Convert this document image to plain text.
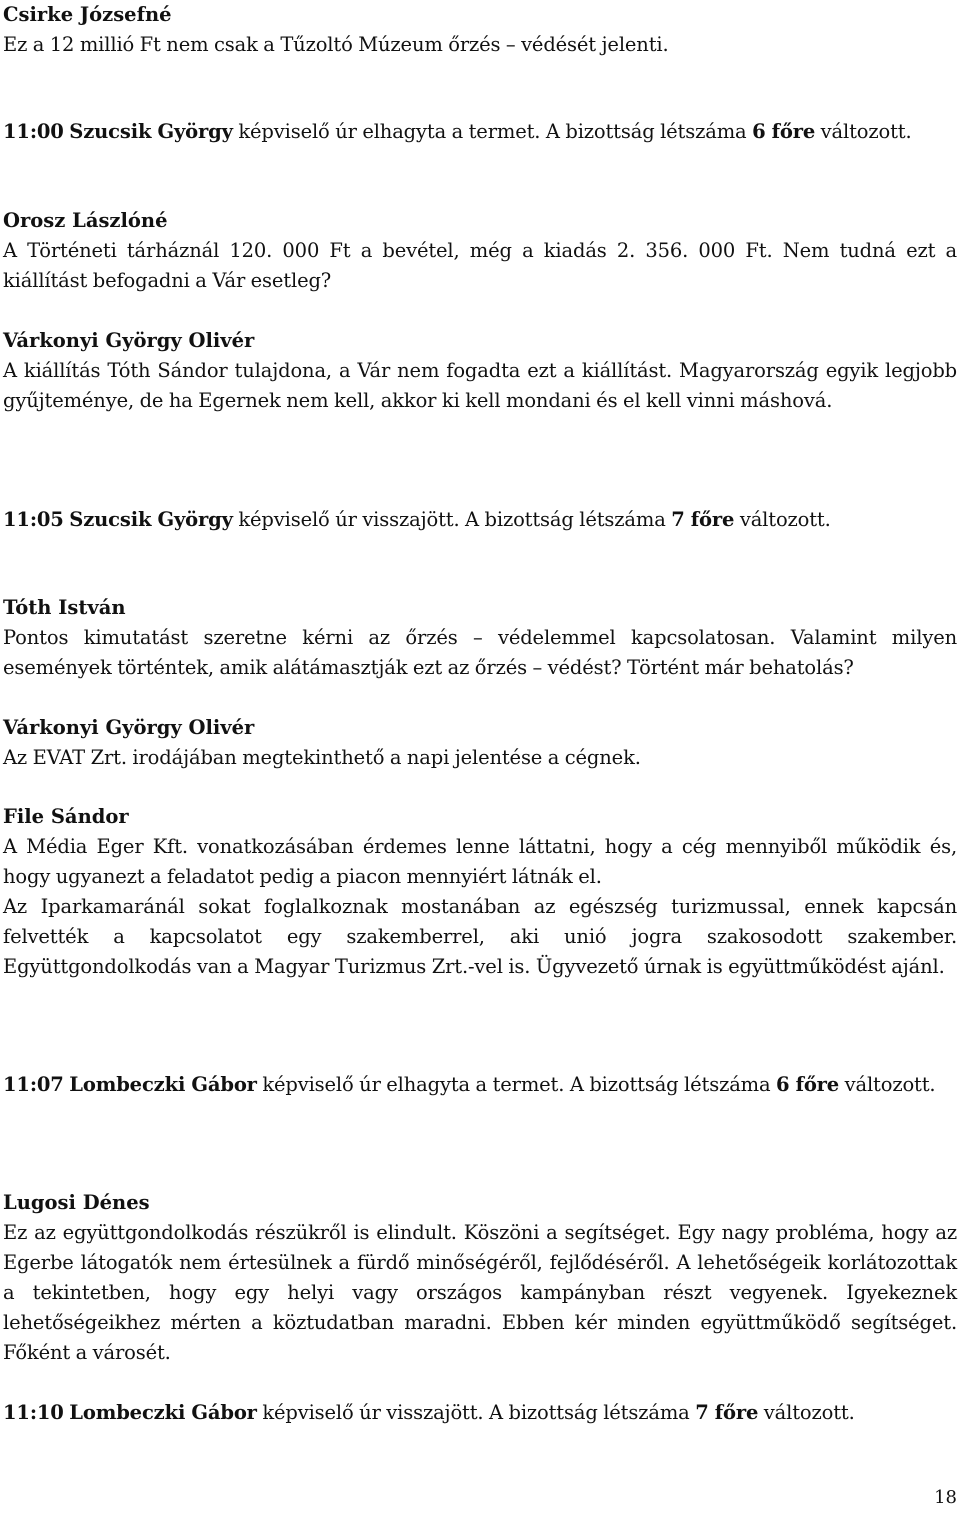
Csirke Józsefné
Ez a 12 millió Ft nem csak a Tűzoltó Múzeum őrzés – védését jelenti.
11:00 Szucsik György képviselő úr elhagyta a termet. A bizottság létszáma 6 főre változott.
Orosz Lászlóné
A Történeti tárháznál 120. 000 Ft a bevétel, még a kiadás 2. 356. 000 Ft. Nem tudná ezt a kiállítást befogadni a Vár esetleg?
Várkonyi György Olivér
A kiállítás Tóth Sándor tulajdona, a Vár nem fogadta ezt a kiállítást. Magyarország egyik legjobb gyűjteménye, de ha Egernek nem kell, akkor ki kell mondani és el kell vinni máshová.
11:05 Szucsik György képviselő úr visszajött. A bizottság létszáma 7 főre változott.
Tóth István
Pontos kimutatást szeretne kérni az őrzés – védelemmel kapcsolatosan. Valamint milyen események történtek, amik alátámasztják ezt az őrzés – védést? Történt már behatolás?
Várkonyi György Olivér
Az EVAT Zrt. irodájában megtekinthető a napi jelentése a cégnek.
File Sándor
A Média Eger Kft. vonatkozásában érdemes lenne láttatni, hogy a cég mennyiből működik és, hogy ugyanezt a feladatot pedig a piacon mennyiért látnák el.
Az Iparkamaránál sokat foglalkoznak mostanában az egészség turizmussal, ennek kapcsán felvették a kapcsolatot egy szakemberrel, aki unió jogra szakosodott szakember. Együttgondolkodás van a Magyar Turizmus Zrt.-vel is. Ügyvezető úrnak is együttműködést ajánl.
11:07 Lombeczki Gábor képviselő úr elhagyta a termet. A bizottság létszáma 6 főre változott.
Lugosi Dénes
Ez az együttgondolkodás részükről is elindult. Köszöni a segítséget. Egy nagy probléma, hogy az Egerbe látogatók nem értesülnek a fürdő minőségéről, fejlődéséről. A lehetőségeik korlátozottak a tekintetben, hogy egy helyi vagy országos kampányban részt vegyenek. Igyekeznek lehetőségeikhez mérten a köztudatban maradni. Ebben kér minden együttműködő segítséget. Főként a városét.
11:10 Lombeczki Gábor képviselő úr visszajött. A bizottság létszáma 7 főre változott.
18
